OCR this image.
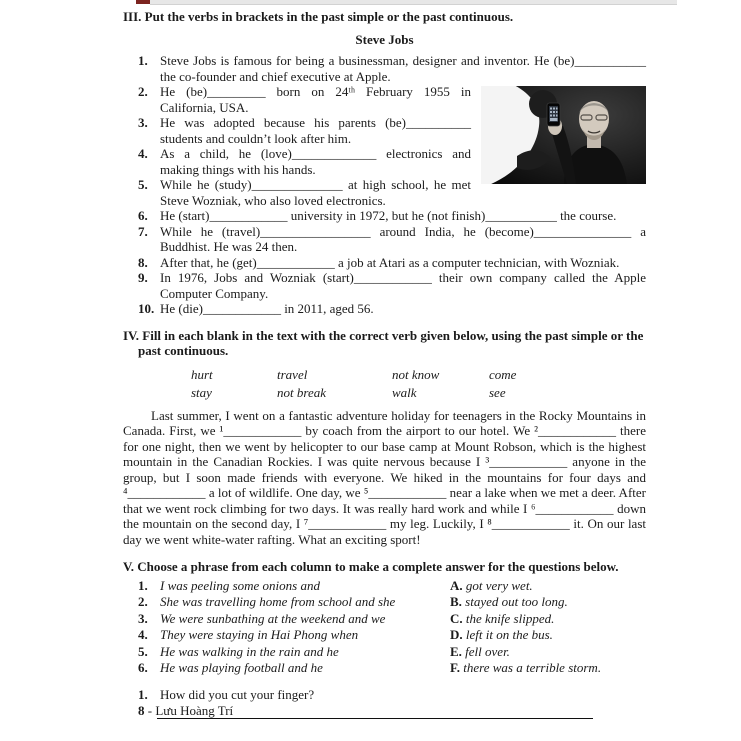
III. Put the verbs in brackets in the past simple or the past continuous.
Steve Jobs
1. Steve Jobs is famous for being a businessman, designer and inventor. He (be)___________ the co-founder and chief executive at Apple.
2. He (be)_________ born on 24ᵗʰ February 1955 in California, USA.
3. He was adopted because his parents (be)__________ students and couldn’t look after him.
4. As a child, he (love)_____________ electronics and making things with his hands.
5. While he (study)______________ at high school, he met Steve Wozniak, who also loved electronics.
6. He (start)____________ university in 1972, but he (not finish)___________ the course.
7. While he (travel)_________________ around India, he (become)_______________ a Buddhist. He was 24 then.
8. After that, he (get)____________ a job at Atari as a computer technician, with Wozniak.
9. In 1976, Jobs and Wozniak (start)____________ their own company called the Apple Computer Company.
10. He (die)____________ in 2011, aged 56.
IV. Fill in each blank in the text with the correct verb given below, using the past simple or the past continuous.
hurt	travel	not know	come
stay	not break	walk	see
Last summer, I went on a fantastic adventure holiday for teenagers in the Rocky Mountains in Canada. First, we ¹____________ by coach from the airport to our hotel. We ²____________ there for one night, then we went by helicopter to our base camp at Mount Robson, which is the highest mountain in the Canadian Rockies. I was quite nervous because I ³____________ anyone in the group, but I soon made friends with everyone. We hiked in the mountains for four days and ⁴____________ a lot of wildlife. One day, we ⁵____________ near a lake when we met a deer. After that we went rock climbing for two days. It was really hard work and while I ⁶____________ down the mountain on the second day, I ⁷____________ my leg. Luckily, I ⁸____________ it. On our last day we went white-water rafting. What an exciting sport!
V. Choose a phrase from each column to make a complete answer for the questions below.
1. I was peeling some onions and	A. got very wet.
2. She was travelling home from school and she	B. stayed out too long.
3. We were sunbathing at the weekend and we	C. the knife slipped.
4. They were staying in Hai Phong when	D. left it on the bus.
5. He was walking in the rain and he	E. fell over.
6. He was playing football and he	F. there was a terrible storm.
1. How did you cut your finger?
8 - Lưu Hoàng Trí
